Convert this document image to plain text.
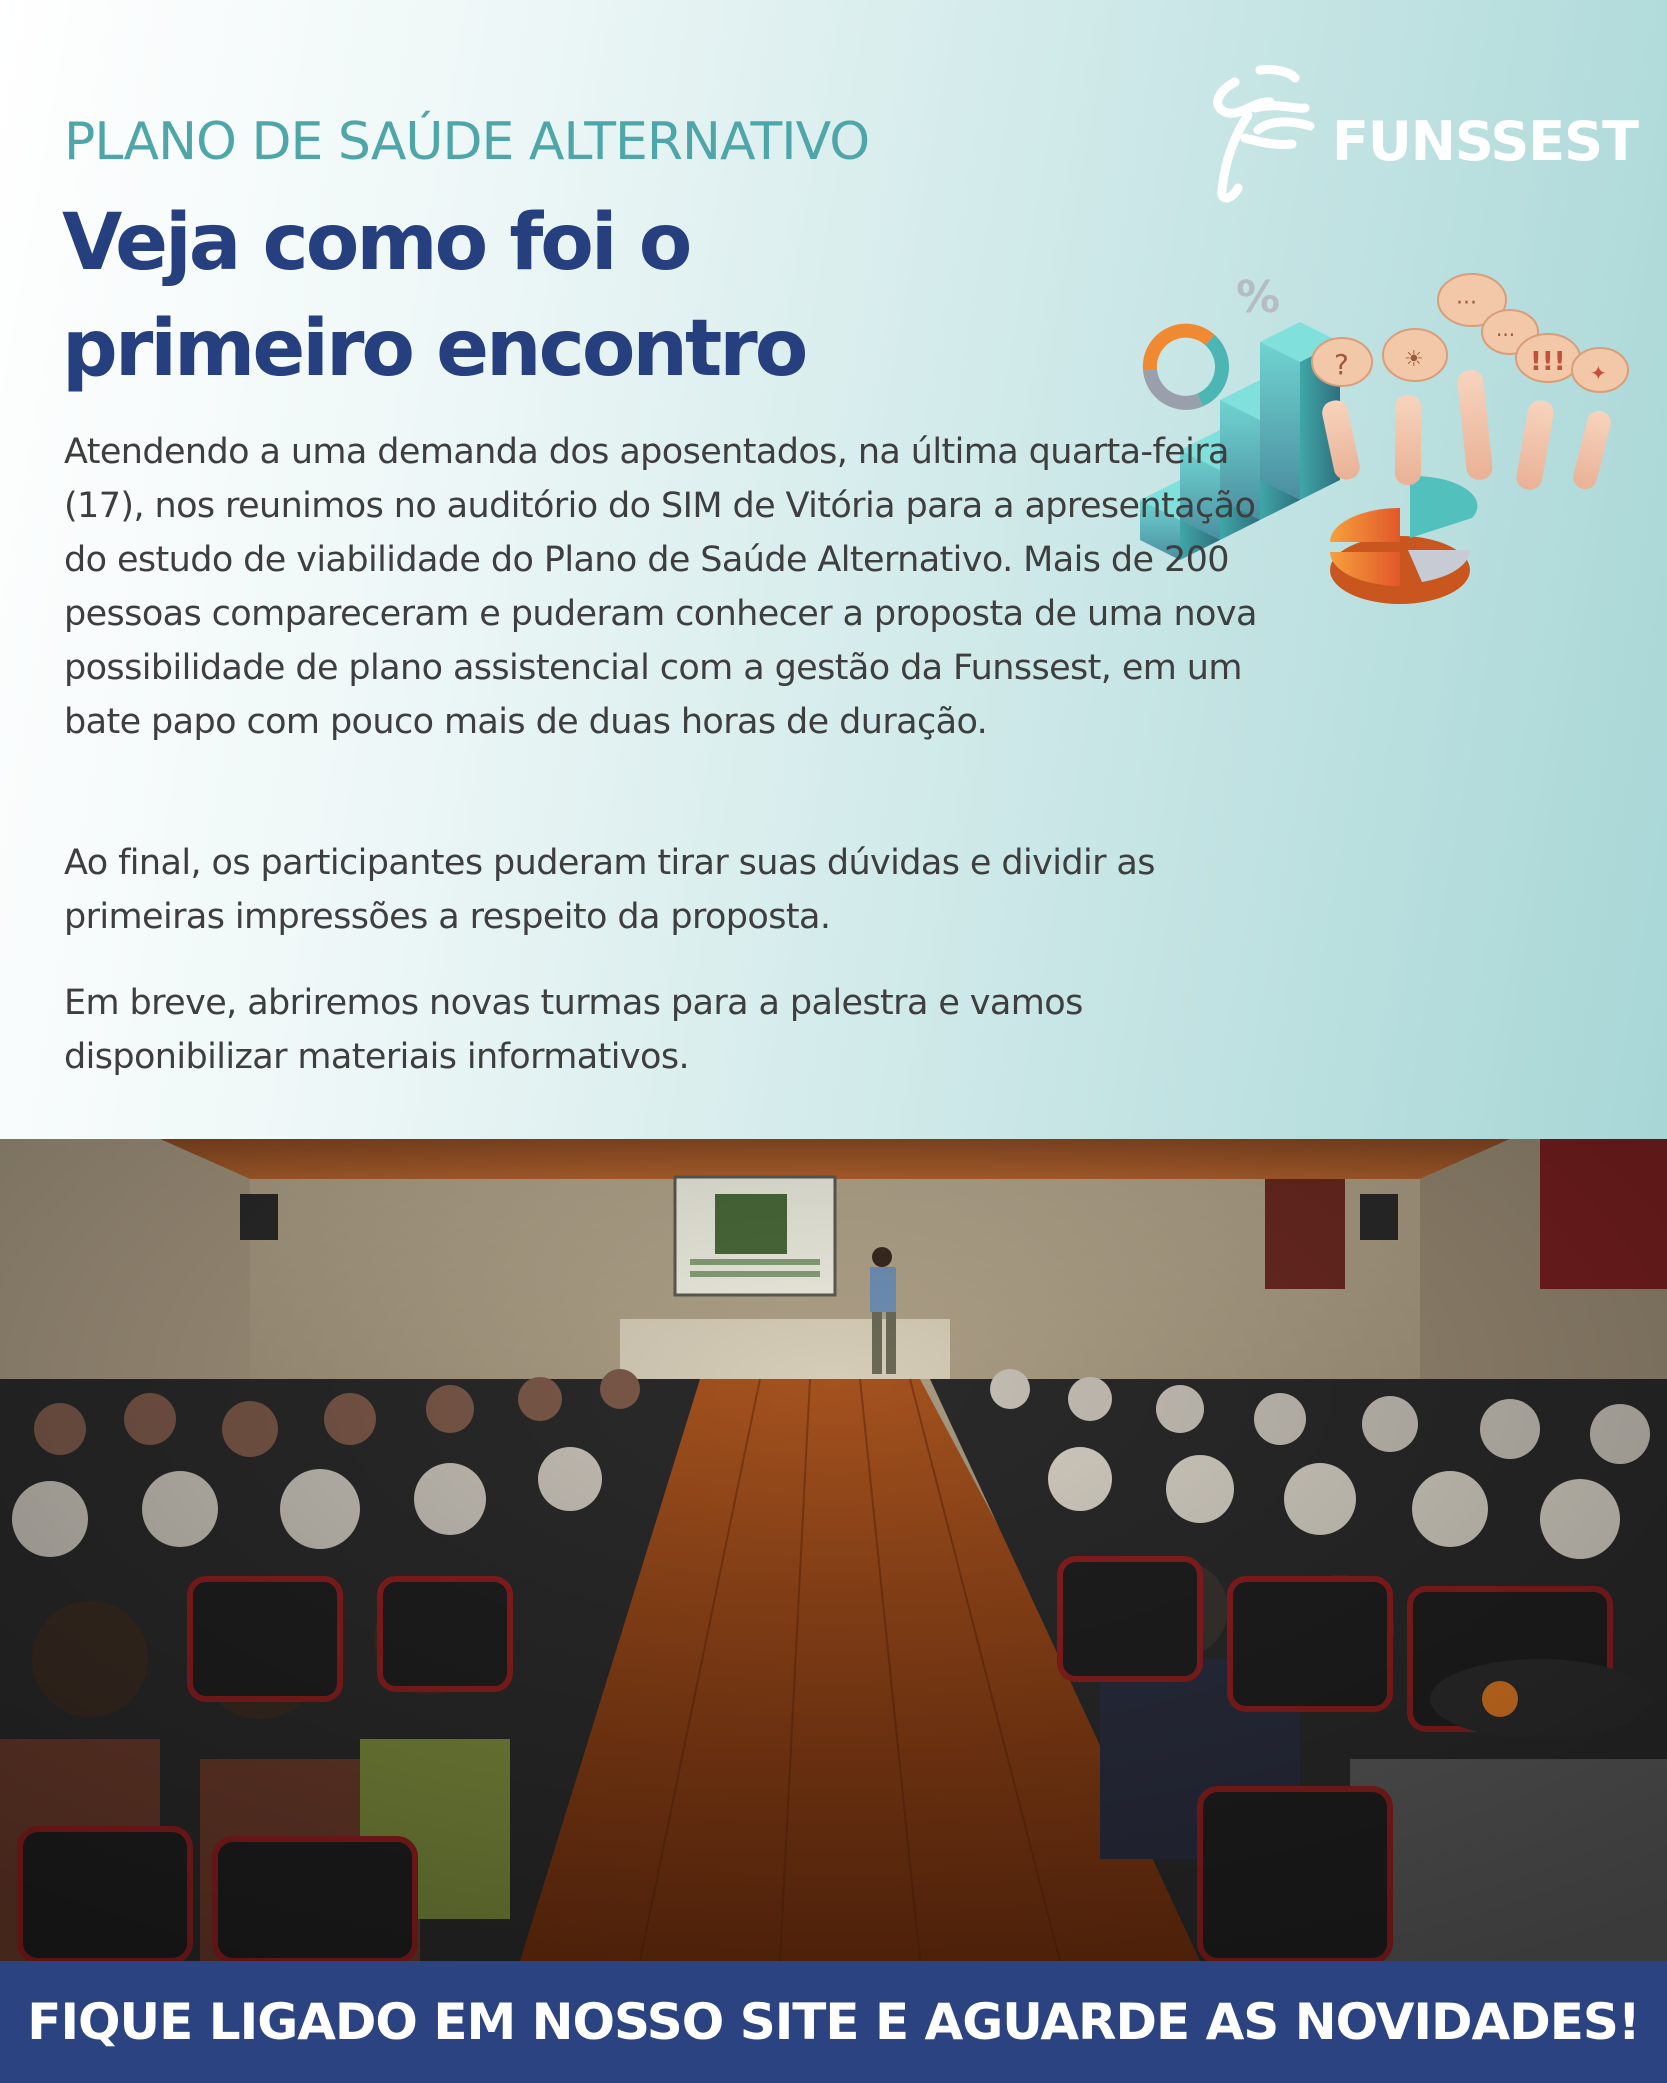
PLANO DE SAÚDE ALTERNATIVO
Veja como foi o
primeiro encontro
FUNSSEST
%
?	☀
···
···
!!! ✦

Atendendo a uma demanda dos aposentados, na última quarta-feira (17), nos reunimos no auditório do SIM de Vitória para a apresentação do estudo de viabilidade do Plano de Saúde Alternativo. Mais de 200 pessoas compareceram e puderam conhecer a proposta de uma nova possibilidade de plano assistencial com a gestão da Funssest, em um bate papo com pouco mais de duas horas de duração.

Ao final, os participantes puderam tirar suas dúvidas e dividir as primeiras impressões a respeito da proposta.

Em breve, abriremos novas turmas para a palestra e vamos disponibilizar materiais informativos.

FIQUE LIGADO EM NOSSO SITE E AGUARDE AS NOVIDADES!
